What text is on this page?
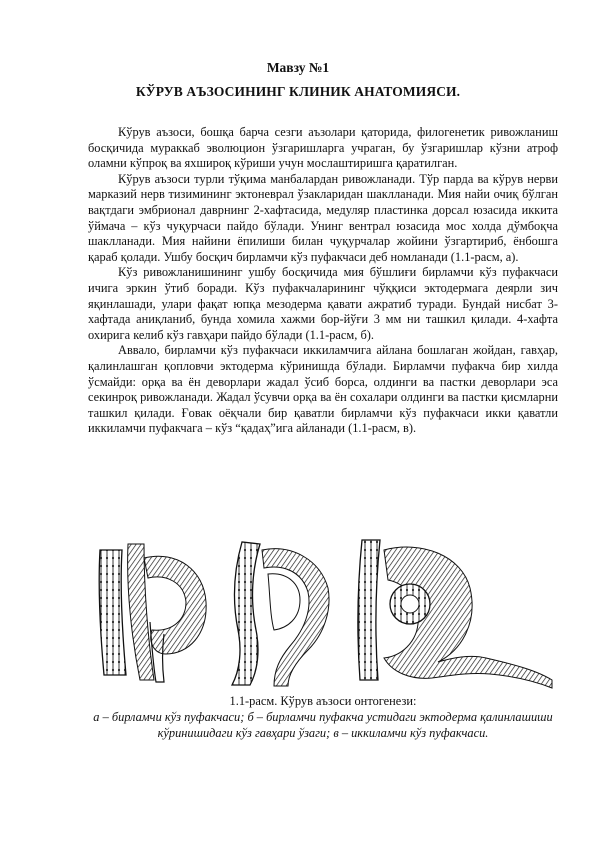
Мавзу №1
КЎРУВ АЪЗОСИНИНГ КЛИНИК АНАТОМИЯСИ.

Кўрув аъзоси, бошқа барча сезги аъзолари қаторида, филогенетик ривожланиш босқичида мураккаб эволюцион ўзгаришларга учраган, бу ўзгаришлар кўзни атроф оламни кўпроқ ва яхшироқ кўриши учун мослаштиришга қаратилган.

Кўрув аъзоси турли тўқима манбалардан ривожланади. Тўр парда ва кўрув нерви марказий нерв тизимининг эктоневрал ўзакларидан шаклланади. Мия найи очиқ бўлган вақтдаги эмбрионал даврнинг 2-хафтасида, медуляр пластинка дорсал юзасида иккита ўймача – кўз чуқурчаси пайдо бўлади. Унинг вентрал юзасида мос холда дўмбоқча шаклланади. Мия найини ёпилиши билан чуқурчалар жойини ўзгартириб, ёнбошга қараб қолади. Ушбу босқич бирламчи кўз пуфакчаси деб номланади (1.1-расм, а).

Кўз ривожланишининг ушбу босқичида мия бўшлиғи бирламчи кўз пуфакчаси ичига эркин ўтиб боради. Кўз пуфакчаларининг чўққиси эктодермага деярли зич яқинлашади, улари фақат юпқа мезодерма қавати ажратиб туради. Бундай нисбат 3-хафтада аниқланиб, бунда хомила хажми бор-йўғи 3 мм ни ташкил қилади. 4-хафта охирига келиб кўз гавҳари пайдо бўлади (1.1-расм, б).

Аввало, бирламчи кўз пуфакчаси иккиламчига айлана бошлаган жойдан, гавҳар, қалинлашган қопловчи эктодерма кўринишда бўлади. Бирламчи пуфакча бир хилда ўсмайди: орқа ва ён деворлари жадал ўсиб борса, олдинги ва пастки деворлари эса секинроқ ривожланади. Жадал ўсувчи орқа ва ён сохалари олдинги ва пастки қисмларни ташкил қилади. Ғовак оёқчали бир қаватли бирламчи кўз пуфакчаси икки қаватли иккиламчи пуфакчага – кўз “қадаҳ”ига айланади (1.1-расм, в).

1.1-расм. Кўрув аъзоси онтогенези:
а – бирламчи кўз пуфакчаси; б – бирламчи пуфакча устидаги эктодерма қалинлашиши кўринишидаги кўз гавҳари ўзаги; в – иккиламчи кўз пуфакчаси.
